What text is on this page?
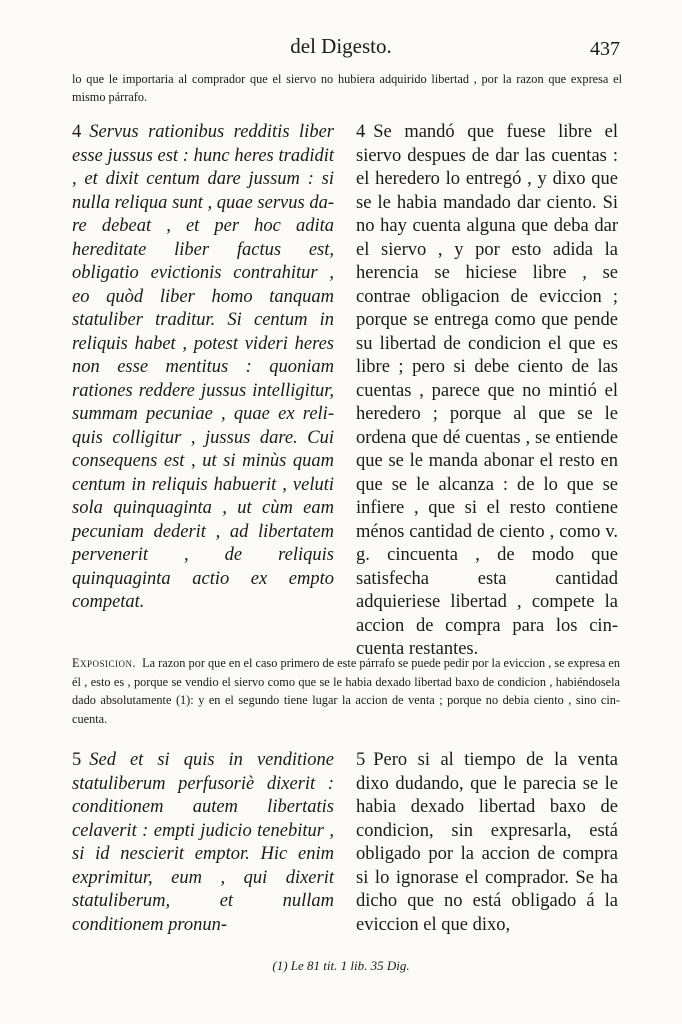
del Digesto.	437
lo que le importaria al comprador que el siervo no hubiera adquirido libertad , por la razon que expresa el mismo párrafo.

4 Servus rationibus redditis liber esse jussus est : hunc heres tradidit , et dixit centum dare jussum : si nulla reliqua sunt , quae servus dare debeat , et per hoc adita hereditate liber factus est, obligatio evictionis contrahitur , eo quòd liber homo tanquam statuliber traditur. Si centum in reliquis habet , potest videri heres non esse mentitus : quoniam rationes reddere jussus intelligitur, summam pecuniae , quae ex reliquis colligitur , jussus dare. Cui consequens est , ut si minùs quam centum in reliquis habuerit , veluti sola quinquaginta , ut cùm eam pecuniam dederit , ad libertatem pervenerit , de reliquis quinquaginta actio ex empto competat.

4 Se mandó que fuese libre el siervo despues de dar las cuentas : el heredero lo entregó , y dixo que se le habia mandado dar ciento. Si no hay cuenta alguna que deba dar el siervo , y por esto adida la herencia se hiciese libre , se contrae obligacion de eviccion ; porque se entrega como que pende su libertad de condicion el que es libre ; pero si debe ciento de las cuentas , parece que no mintió el heredero ; porque al que se le ordena que dé cuentas , se entiende que se le manda abonar el resto en que se le alcanza : de lo que se infiere , que si el resto contiene ménos cantidad de ciento , como v. g. cincuenta , de modo que satisfecha esta cantidad adquieriese libertad , compete la accion de compra para los cincuenta restantes.

Exposicion. La razon por que en el caso primero de este párrafo se puede pedir por la eviccion , se expresa en él , esto es , porque se vendio el siervo como que se le habia dexado libertad baxo de condicion , habiéndosela dado absolutamente (1): y en el segundo tiene lugar la accion de venta ; porque no debia ciento , sino cincuenta.

5 Sed et si quis in venditione statuliberum perfusoriè dixerit : conditionem autem libertatis celaverit : empti judicio tenebitur , si id nescierit emptor. Hic enim exprimitur, eum , qui dixerit statuliberum, et nullam conditionem pronun-

5 Pero si al tiempo de la venta dixo dudando, que le parecia se le habia dexado libertad baxo de condicion, sin expresarla, está obligado por la accion de compra si lo ignorase el comprador. Se ha dicho que no está obligado á la eviccion el que dixo,

(1) Le 81 tit. 1 lib. 35 Dig.
